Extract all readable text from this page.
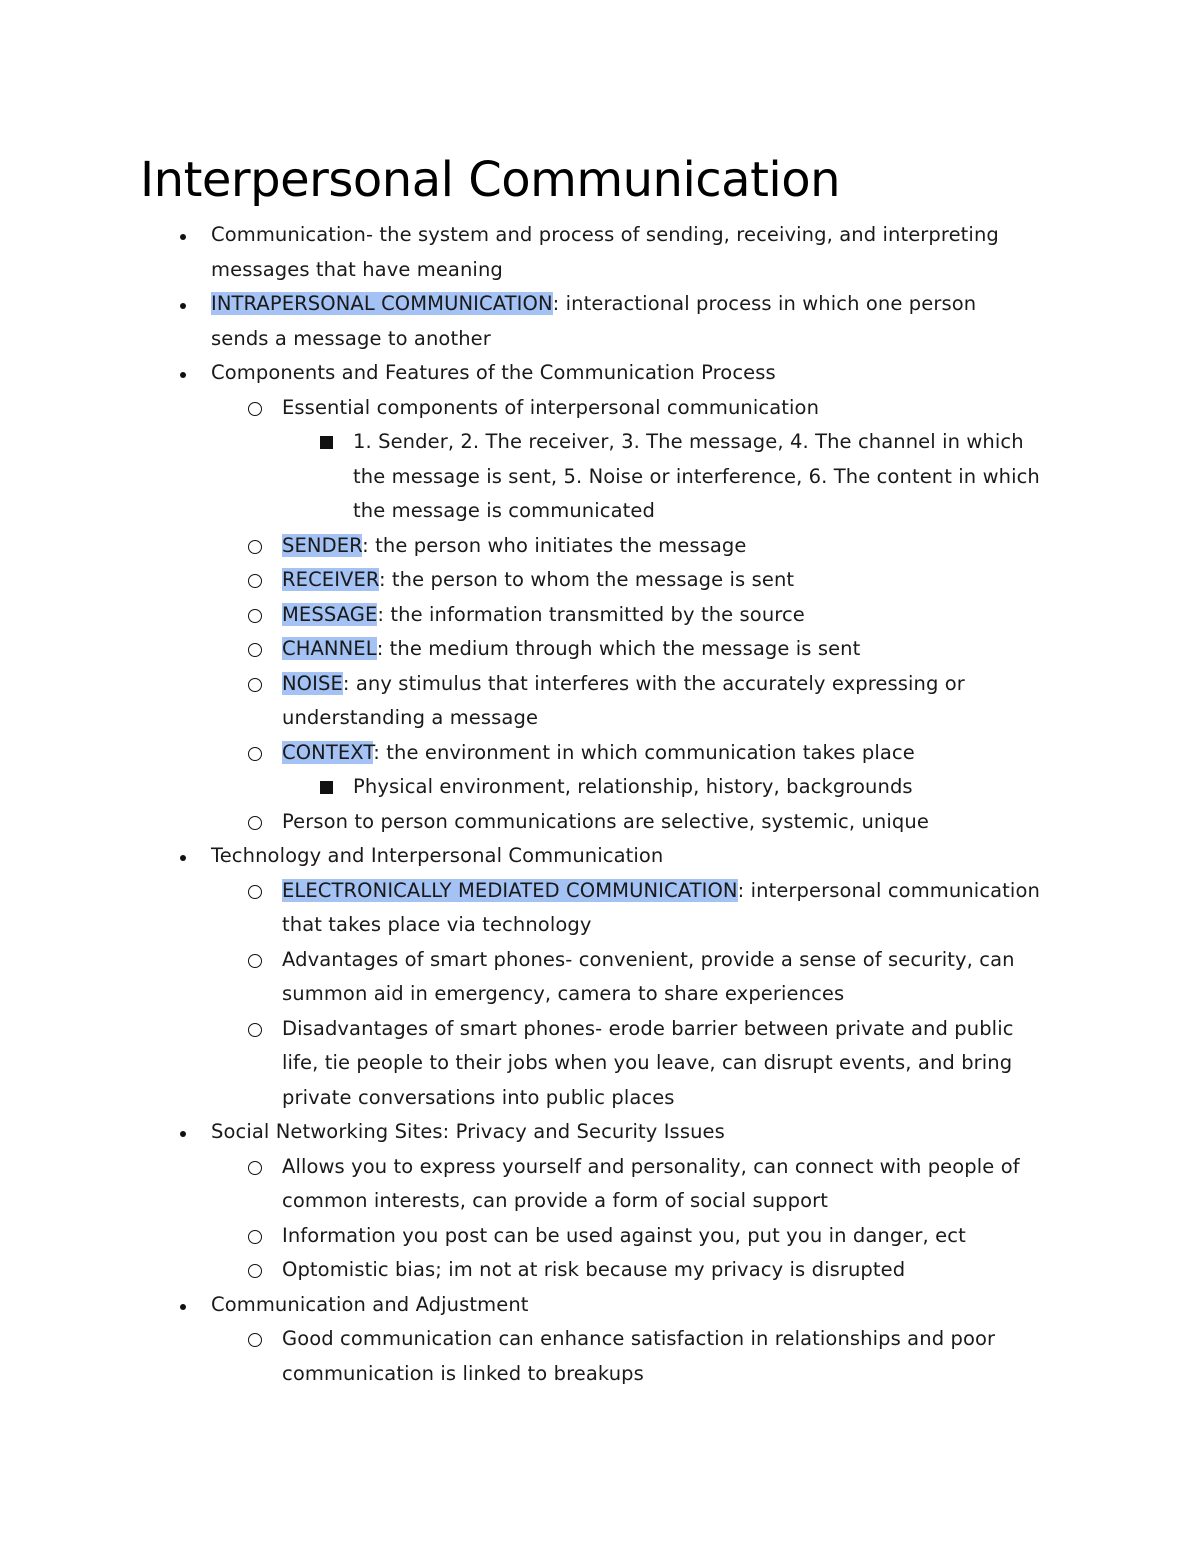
Interpersonal Communication
Communication- the system and process of sending, receiving, and interpreting messages that have meaning
INTRAPERSONAL COMMUNICATION: interactional process in which one person sends a message to another
Components and Features of the Communication Process
Essential components of interpersonal communication
1. Sender, 2. The receiver, 3. The message, 4. The channel in which the message is sent, 5. Noise or interference, 6. The content in which the message is communicated
SENDER: the person who initiates the message
RECEIVER: the person to whom the message is sent
MESSAGE: the information transmitted by the source
CHANNEL: the medium through which the message is sent
NOISE: any stimulus that interferes with the accurately expressing or understanding a message
CONTEXT: the environment in which communication takes place
Physical environment, relationship, history, backgrounds
Person to person communications are selective, systemic, unique
Technology and Interpersonal Communication
ELECTRONICALLY MEDIATED COMMUNICATION: interpersonal communication that takes place via technology
Advantages of smart phones- convenient, provide a sense of security, can summon aid in emergency, camera to share experiences
Disadvantages of smart phones- erode barrier between private and public life, tie people to their jobs when you leave, can disrupt events, and bring private conversations into public places
Social Networking Sites: Privacy and Security Issues
Allows you to express yourself and personality, can connect with people of common interests, can provide a form of social support
Information you post can be used against you, put you in danger, ect
Optomistic bias; im not at risk because my privacy is disrupted
Communication and Adjustment
Good communication can enhance satisfaction in relationships and poor communication is linked to breakups
